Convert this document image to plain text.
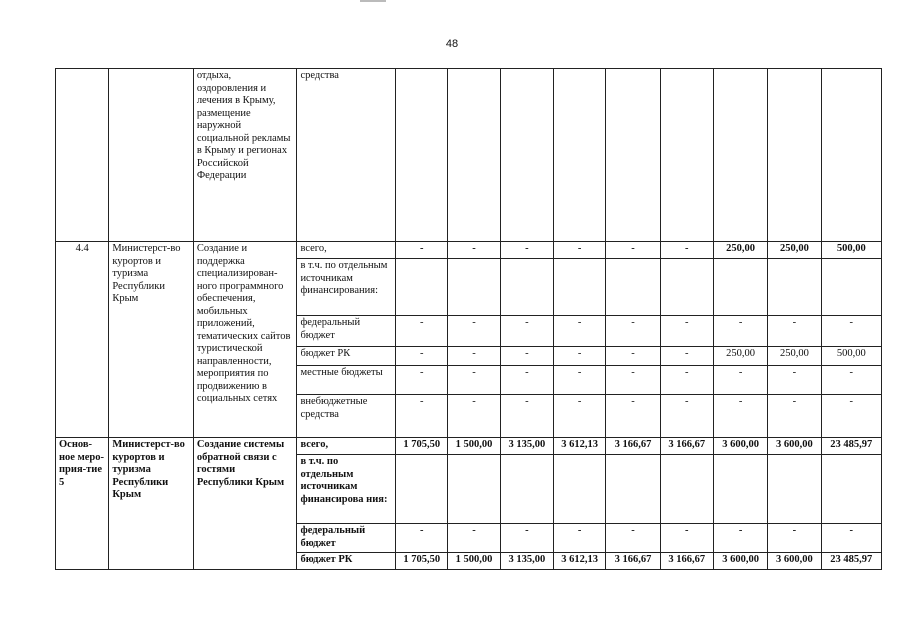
48
		отдыха, оздоровления и лечения в Крыму, размещение наружной социальной рекламы в Крыму и регионах Российской Федерации	средства									
4.4	Министерст-во курортов и туризма Республики Крым	Создание и поддержка специализирован-ного программного обеспечения, мобильных приложений, тематических сайтов туристической направленности, мероприятия по продвижению в социальных сетях	всего,	-	-	-	-	-	-	250,00	250,00	500,00
			в т.ч. по отдельным источникам финансирования:									
			федеральный бюджет	-	-	-	-	-	-	-	-	-
			бюджет РК	-	-	-	-	-	-	250,00	250,00	500,00
			местные бюджеты	-	-	-	-	-	-	-	-	-
			внебюджетные средства	-	-	-	-	-	-	-	-	-
Основ-ное меро-прия-тие 5	Министерст-во курортов и туризма Республики Крым	Создание системы обратной связи с гостями Республики Крым	всего,	1 705,50	1 500,00	3 135,00	3 612,13	3 166,67	3 166,67	3 600,00	3 600,00	23 485,97
			в т.ч. по отдельным источникам финансирова ния:									
			федеральный бюджет	-	-	-	-	-	-	-	-	-
			бюджет РК	1 705,50	1 500,00	3 135,00	3 612,13	3 166,67	3 166,67	3 600,00	3 600,00	23 485,97
